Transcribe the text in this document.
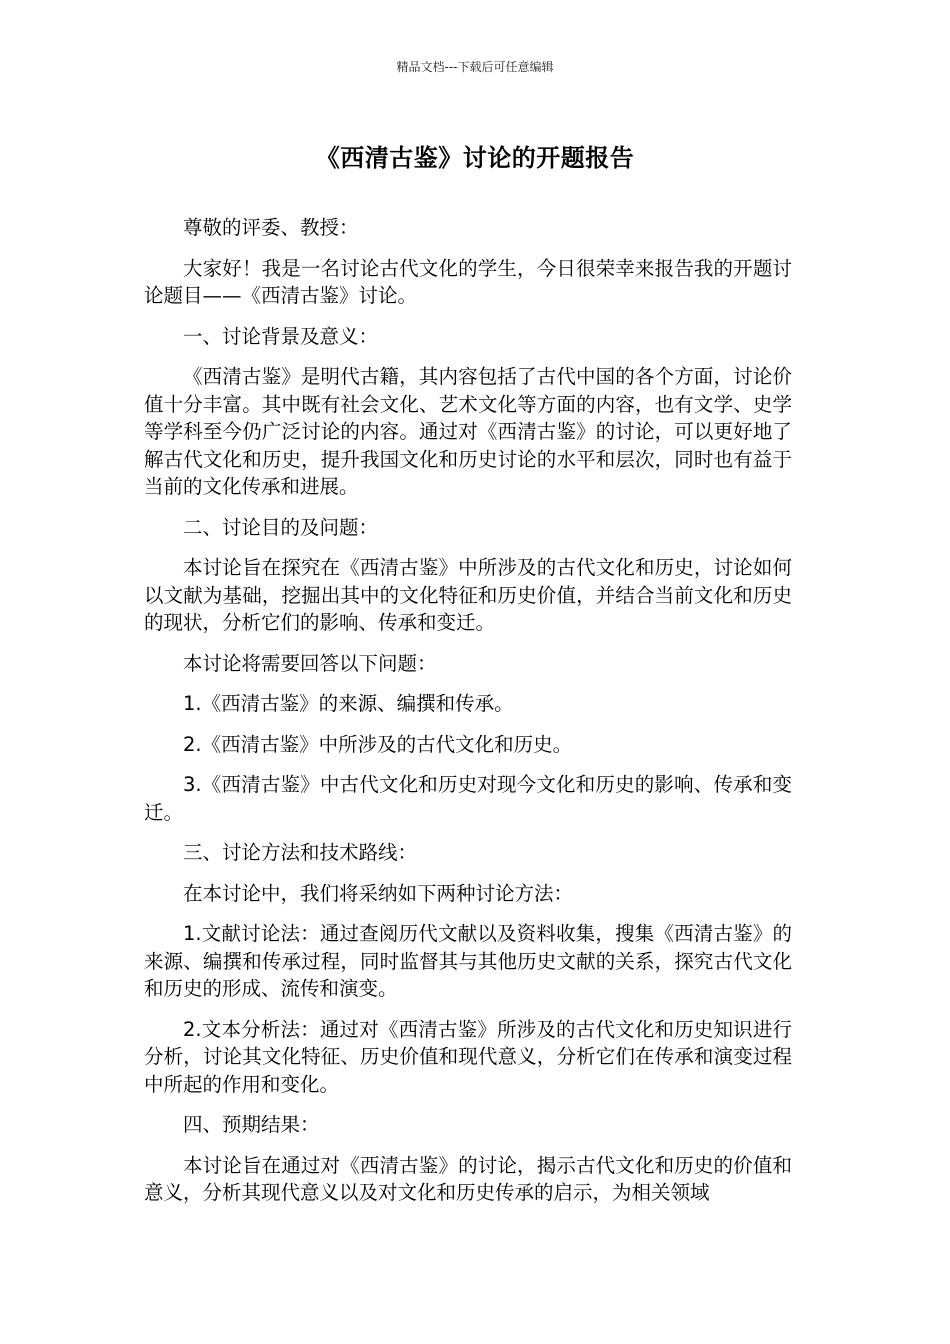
精品文档---下载后可任意编辑
《西清古鉴》讨论的开题报告

尊敬的评委、教授：

大家好！我是一名讨论古代文化的学生，今日很荣幸来报告我的开题讨论题目——《西清古鉴》讨论。

一、讨论背景及意义：

《西清古鉴》是明代古籍，其内容包括了古代中国的各个方面，讨论价值十分丰富。其中既有社会文化、艺术文化等方面的内容，也有文学、史学等学科至今仍广泛讨论的内容。通过对《西清古鉴》的讨论，可以更好地了解古代文化和历史，提升我国文化和历史讨论的水平和层次，同时也有益于当前的文化传承和进展。

二、讨论目的及问题：

本讨论旨在探究在《西清古鉴》中所涉及的古代文化和历史，讨论如何以文献为基础，挖掘出其中的文化特征和历史价值，并结合当前文化和历史的现状，分析它们的影响、传承和变迁。

本讨论将需要回答以下问题：

1.《西清古鉴》的来源、编撰和传承。

2.《西清古鉴》中所涉及的古代文化和历史。

3.《西清古鉴》中古代文化和历史对现今文化和历史的影响、传承和变迁。

三、讨论方法和技术路线：

在本讨论中，我们将采纳如下两种讨论方法：

1.文献讨论法：通过查阅历代文献以及资料收集，搜集《西清古鉴》的来源、编撰和传承过程，同时监督其与其他历史文献的关系，探究古代文化和历史的形成、流传和演变。

2.文本分析法：通过对《西清古鉴》所涉及的古代文化和历史知识进行分析，讨论其文化特征、历史价值和现代意义，分析它们在传承和演变过程中所起的作用和变化。

四、预期结果：

本讨论旨在通过对《西清古鉴》的讨论，揭示古代文化和历史的价值和意义，分析其现代意义以及对文化和历史传承的启示，为相关领域
